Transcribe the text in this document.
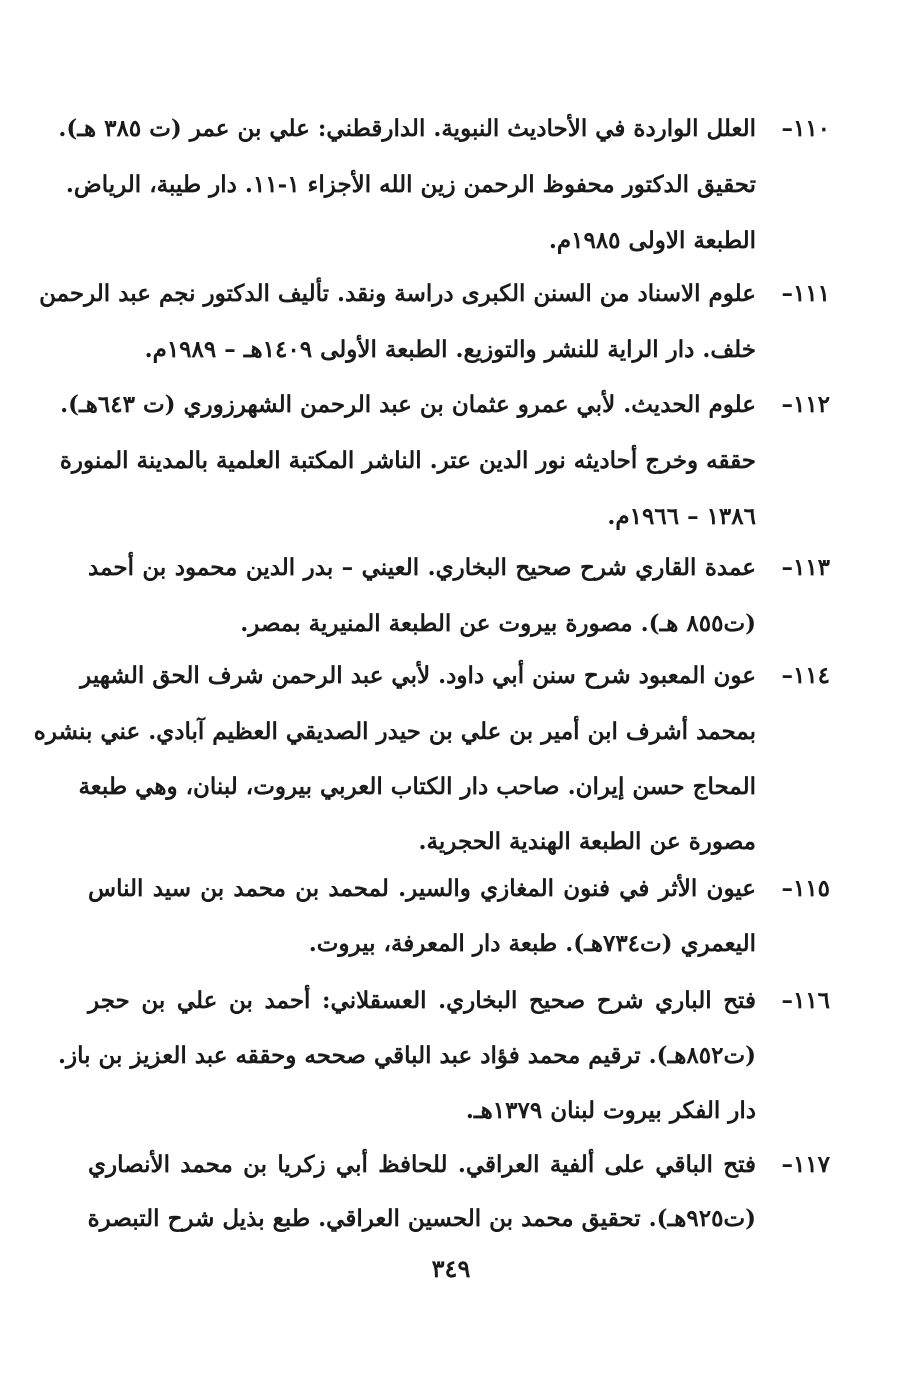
١١٠–
العلل الواردة في الأحاديث النبوية. الدارقطني: علي بن عمر (ت ٣٨٥ هـ).
تحقيق الدكتور محفوظ الرحمن زين الله الأجزاء ١-١١. دار طيبة، الرياض.
الطبعة الاولى ١٩٨٥م.
١١١–
علوم الاسناد من السنن الكبرى دراسة ونقد. تأليف الدكتور نجم عبد الرحمن
خلف. دار الراية للنشر والتوزيع. الطبعة الأولى ١٤٠٩هـ – ١٩٨٩م.
١١٢–
علوم الحديث. لأبي عمرو عثمان بن عبد الرحمن الشهرزوري (ت ٦٤٣هـ).
حققه وخرج أحاديثه نور الدين عتر. الناشر المكتبة العلمية بالمدينة المنورة
١٣٨٦ – ١٩٦٦م.
١١٣–
عمدة القاري شرح صحيح البخاري. العيني – بدر الدين محمود بن أحمد
(ت٨٥٥ هـ). مصورة بيروت عن الطبعة المنيرية بمصر.
١١٤–
عون المعبود شرح سنن أبي داود. لأبي عبد الرحمن شرف الحق الشهير
بمحمد أشرف ابن أمير بن علي بن حيدر الصديقي العظيم آبادي. عني بنشره
المحاج حسن إيران. صاحب دار الكتاب العربي بيروت، لبنان، وهي طبعة
مصورة عن الطبعة الهندية الحجرية.
١١٥–
عيون الأثر في فنون المغازي والسير. لمحمد بن محمد بن سيد الناس
اليعمري (ت٧٣٤هـ). طبعة دار المعرفة، بيروت.
١١٦–
فتح الباري شرح صحيح البخاري. العسقلاني: أحمد بن علي بن حجر
(ت٨٥٢هـ). ترقيم محمد فؤاد عبد الباقي صححه وحققه عبد العزيز بن باز.
دار الفكر بيروت لبنان ١٣٧٩هـ.
١١٧–
فتح الباقي على ألفية العراقي. للحافظ أبي زكريا بن محمد الأنصاري
(ت٩٢٥هـ). تحقيق محمد بن الحسين العراقي. طبع بذيل شرح التبصرة
٣٤٩
